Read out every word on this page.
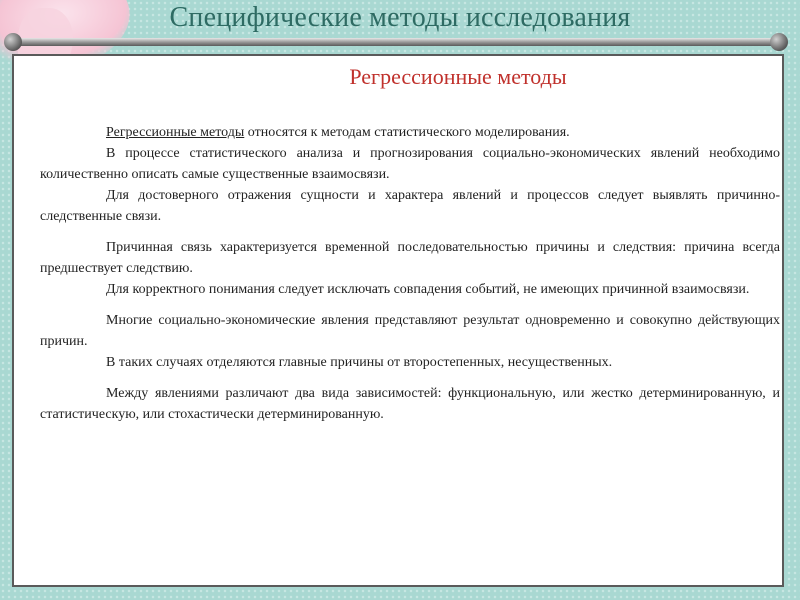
Специфические методы исследования
Регрессионные методы

Регрессионные методы относятся к методам статистического моделирования.

В процессе статистического анализа и прогнозирования социально-экономических явлений необходимо количественно описать самые существенные взаимосвязи.

Для достоверного отражения сущности и характера явлений и процессов следует выявлять причинно-следственные связи.

Причинная связь характеризуется временной последовательностью причины и следствия: причина всегда предшествует следствию.

Для корректного понимания следует исключать совпадения событий, не имеющих причинной взаимосвязи.

Многие социально-экономические явления представляют результат одновременно и совокупно действующих причин.

В таких случаях отделяются главные причины от второстепенных, несущественных.

Между явлениями различают два вида зависимостей: функциональную, или жестко детерминированную, и статистическую, или стохастически детерминированную.
